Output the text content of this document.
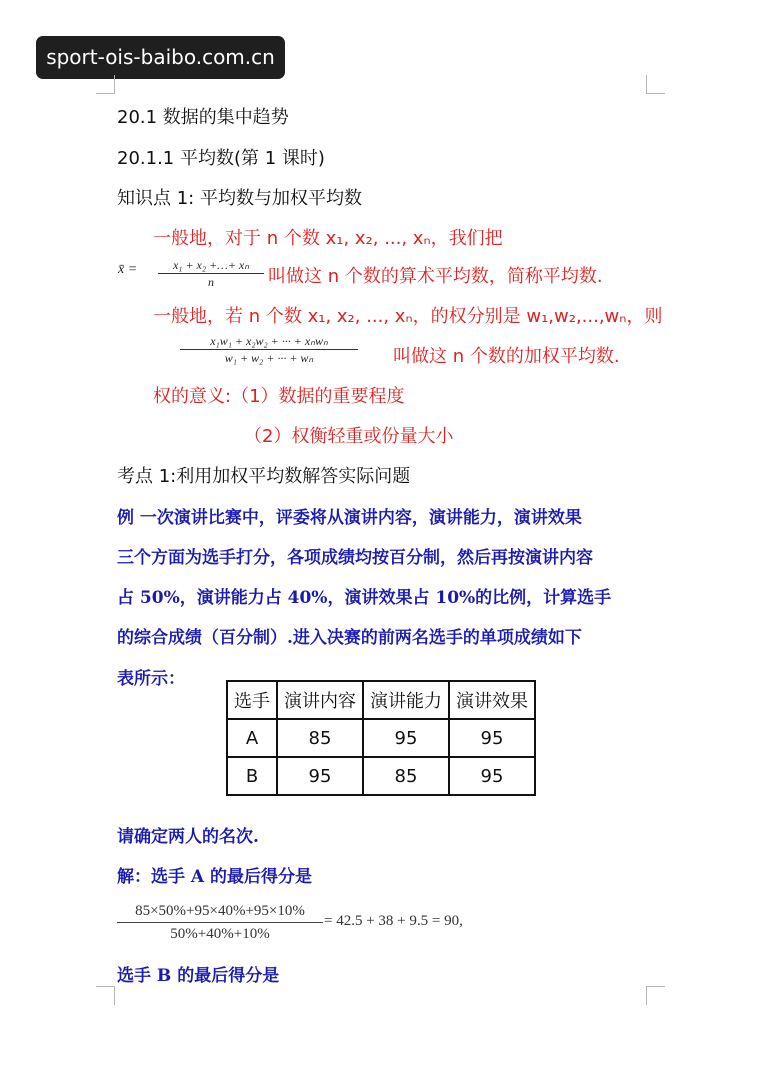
sport-ois-baibo.com.cn
20.1 数据的集中趋势
20.1.1 平均数(第 1 课时)
知识点 1: 平均数与加权平均数
一般地，对于 n 个数 x₁, x₂, ..., xₙ，我们把
x̄ =	x₁ + x₂ +…+ xₙ
n	叫做这 n 个数的算术平均数，简称平均数.
一般地，若 n 个数 x₁, x₂, ..., xₙ，的权分别是 w₁,w₂,...,wₙ，则
x₁w₁ + x₂w₂ + ··· + xₙwₙ
w₁ + w₂ + ··· + wₙ	叫做这 n 个数的加权平均数.
权的意义:（1）数据的重要程度
（2）权衡轻重或份量大小
考点 1:利用加权平均数解答实际问题
例 一次演讲比赛中，评委将从演讲内容，演讲能力，演讲效果
三个方面为选手打分，各项成绩均按百分制，然后再按演讲内容
占 50%，演讲能力占 40%，演讲效果占 10%的比例，计算选手
的综合成绩（百分制）.进入决赛的前两名选手的单项成绩如下
表所示：
选手	演讲内容	演讲能力	演讲效果
A	85	95	95
B	95	85	95
请确定两人的名次.
解：选手 A 的最后得分是
85×50%+95×40%+95×10%
50%+40%+10%
= 42.5 + 38 + 9.5 = 90,
选手 B 的最后得分是
